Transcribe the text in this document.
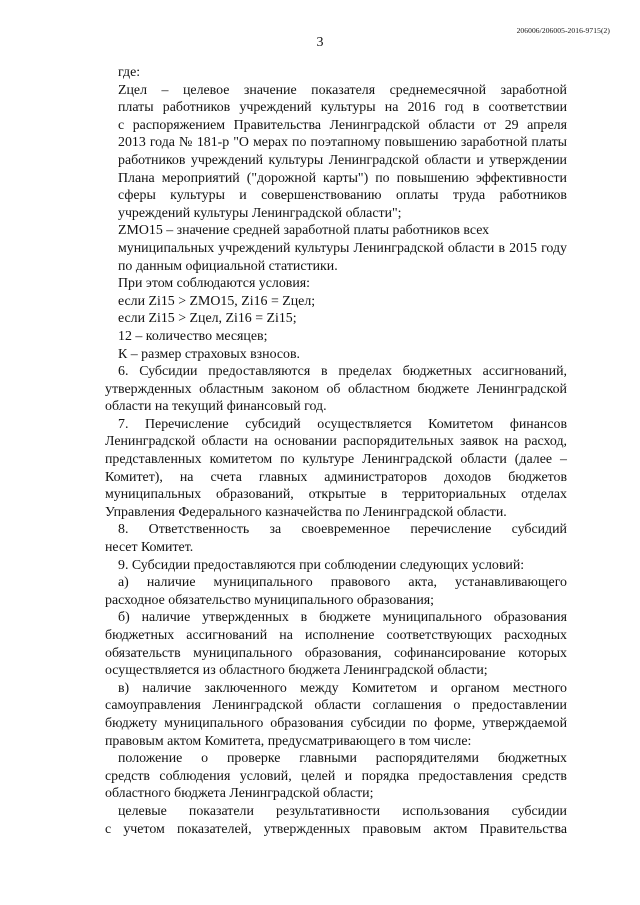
206006/206005-2016-9715(2)
3
где:
Zцел – целевое значение показателя среднемесячной заработной
платы работников учреждений культуры на 2016 год в соответствии
с распоряжением Правительства Ленинградской области от 29 апреля
2013 года № 181-р "О мерах по поэтапному повышению заработной платы
работников учреждений культуры Ленинградской области и утверждении
Плана мероприятий ("дорожной карты") по повышению эффективности
сферы культуры и совершенствованию оплаты труда работников
учреждений культуры Ленинградской области";
ZMO15 – значение средней заработной платы работников всех
муниципальных учреждений культуры Ленинградской области в 2015 году
по данным официальной статистики.
При этом соблюдаются условия:
если Zi15 > ZMO15, Zi16 = Zцел;
если Zi15 > Zцел, Zi16 = Zi15;
12 – количество месяцев;
К – размер страховых взносов.
6. Субсидии предоставляются в пределах бюджетных ассигнований,
утвержденных областным законом об областном бюджете Ленинградской
области на текущий финансовый год.
7. Перечисление субсидий осуществляется Комитетом финансов
Ленинградской области на основании распорядительных заявок на расход,
представленных комитетом по культуре Ленинградской области (далее –
Комитет), на счета главных администраторов доходов бюджетов
муниципальных образований, открытые в территориальных отделах
Управления Федерального казначейства по Ленинградской области.
8. Ответственность за своевременное перечисление субсидий
несет Комитет.
9. Субсидии предоставляются при соблюдении следующих условий:
а) наличие муниципального правового акта, устанавливающего
расходное обязательство муниципального образования;
б) наличие утвержденных в бюджете муниципального образования
бюджетных ассигнований на исполнение соответствующих расходных
обязательств муниципального образования, софинансирование которых
осуществляется из областного бюджета Ленинградской области;
в) наличие заключенного между Комитетом и органом местного
самоуправления Ленинградской области соглашения о предоставлении
бюджету муниципального образования субсидии по форме, утверждаемой
правовым актом Комитета, предусматривающего в том числе:
положение о проверке главными распорядителями бюджетных
средств соблюдения условий, целей и порядка предоставления средств
областного бюджета Ленинградской области;
целевые показатели результативности использования субсидии
с учетом показателей, утвержденных правовым актом Правительства
